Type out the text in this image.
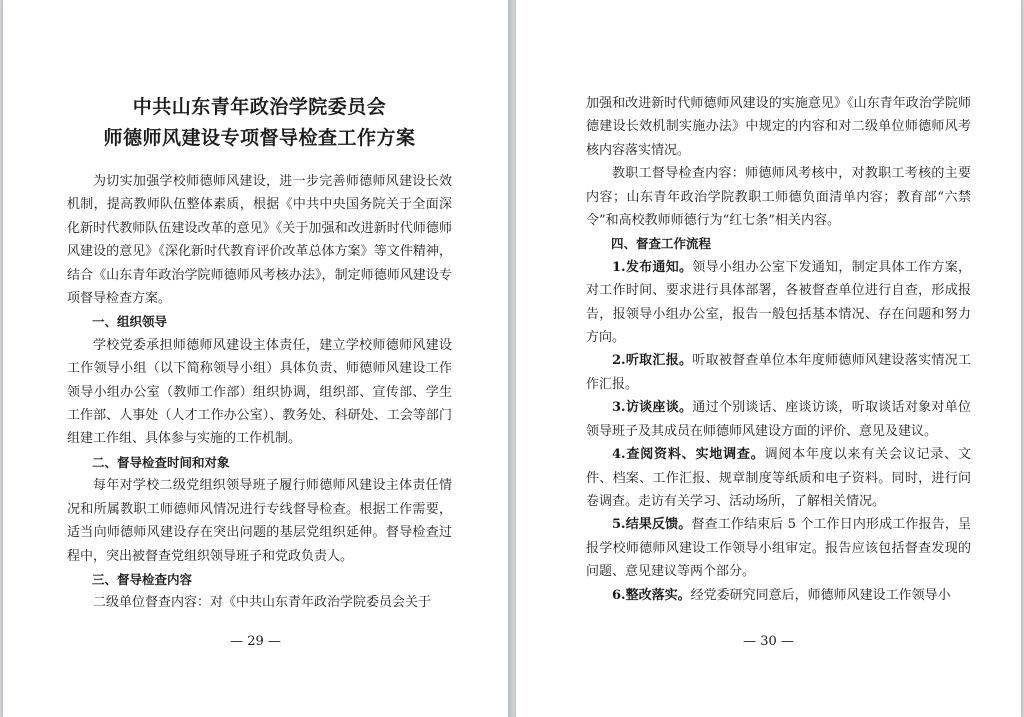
中共山东青年政治学院委员会
师德师风建设专项督导检查工作方案

为切实加强学校师德师风建设，进一步完善师德师风建设长效机制，提高教师队伍整体素质，根据《中共中央国务院关于全面深化新时代教师队伍建设改革的意见》《关于加强和改进新时代师德师风建设的意见》《深化新时代教育评价改革总体方案》等文件精神，结合《山东青年政治学院师德师风考核办法》，制定师德师风建设专项督导检查方案。

一、组织领导

学校党委承担师德师风建设主体责任，建立学校师德师风建设工作领导小组（以下简称领导小组）具体负责、师德师风建设工作领导小组办公室（教师工作部）组织协调，组织部、宣传部、学生工作部、人事处（人才工作办公室）、教务处、科研处、工会等部门组建工作组、具体参与实施的工作机制。

二、督导检查时间和对象

每年对学校二级党组织领导班子履行师德师风建设主体责任情况和所属教职工师德师风情况进行专线督导检查。根据工作需要，适当向师德师风建设存在突出问题的基层党组织延伸。督导检查过程中，突出被督查党组织领导班子和党政负责人。

三、督导检查内容

二级单位督查内容：对《中共山东青年政治学院委员会关于

— 29 —

加强和改进新时代师德师风建设的实施意见》《山东青年政治学院师德建设长效机制实施办法》中规定的内容和对二级单位师德师风考核内容落实情况。

教职工督导检查内容：师德师风考核中，对教职工考核的主要内容；山东青年政治学院教职工师德负面清单内容；教育部“六禁令”和高校教师师德行为“红七条”相关内容。

四、督查工作流程

1.发布通知。领导小组办公室下发通知，制定具体工作方案，对工作时间、要求进行具体部署，各被督查单位进行自查，形成报告，报领导小组办公室，报告一般包括基本情况、存在问题和努力方向。

2.听取汇报。听取被督查单位本年度师德师风建设落实情况工作汇报。

3.访谈座谈。通过个别谈话、座谈访谈，听取谈话对象对单位领导班子及其成员在师德师风建设方面的评价、意见及建议。

4.查阅资料、实地调查。调阅本年度以来有关会议记录、文件、档案、工作汇报、规章制度等纸质和电子资料。同时，进行问卷调查。走访有关学习、活动场所，了解相关情况。

5.结果反馈。督查工作结束后 5 个工作日内形成工作报告，呈报学校师德师风建设工作领导小组审定。报告应该包括督查发现的问题、意见建议等两个部分。

6.整改落实。经党委研究同意后，师德师风建设工作领导小

— 30 —
